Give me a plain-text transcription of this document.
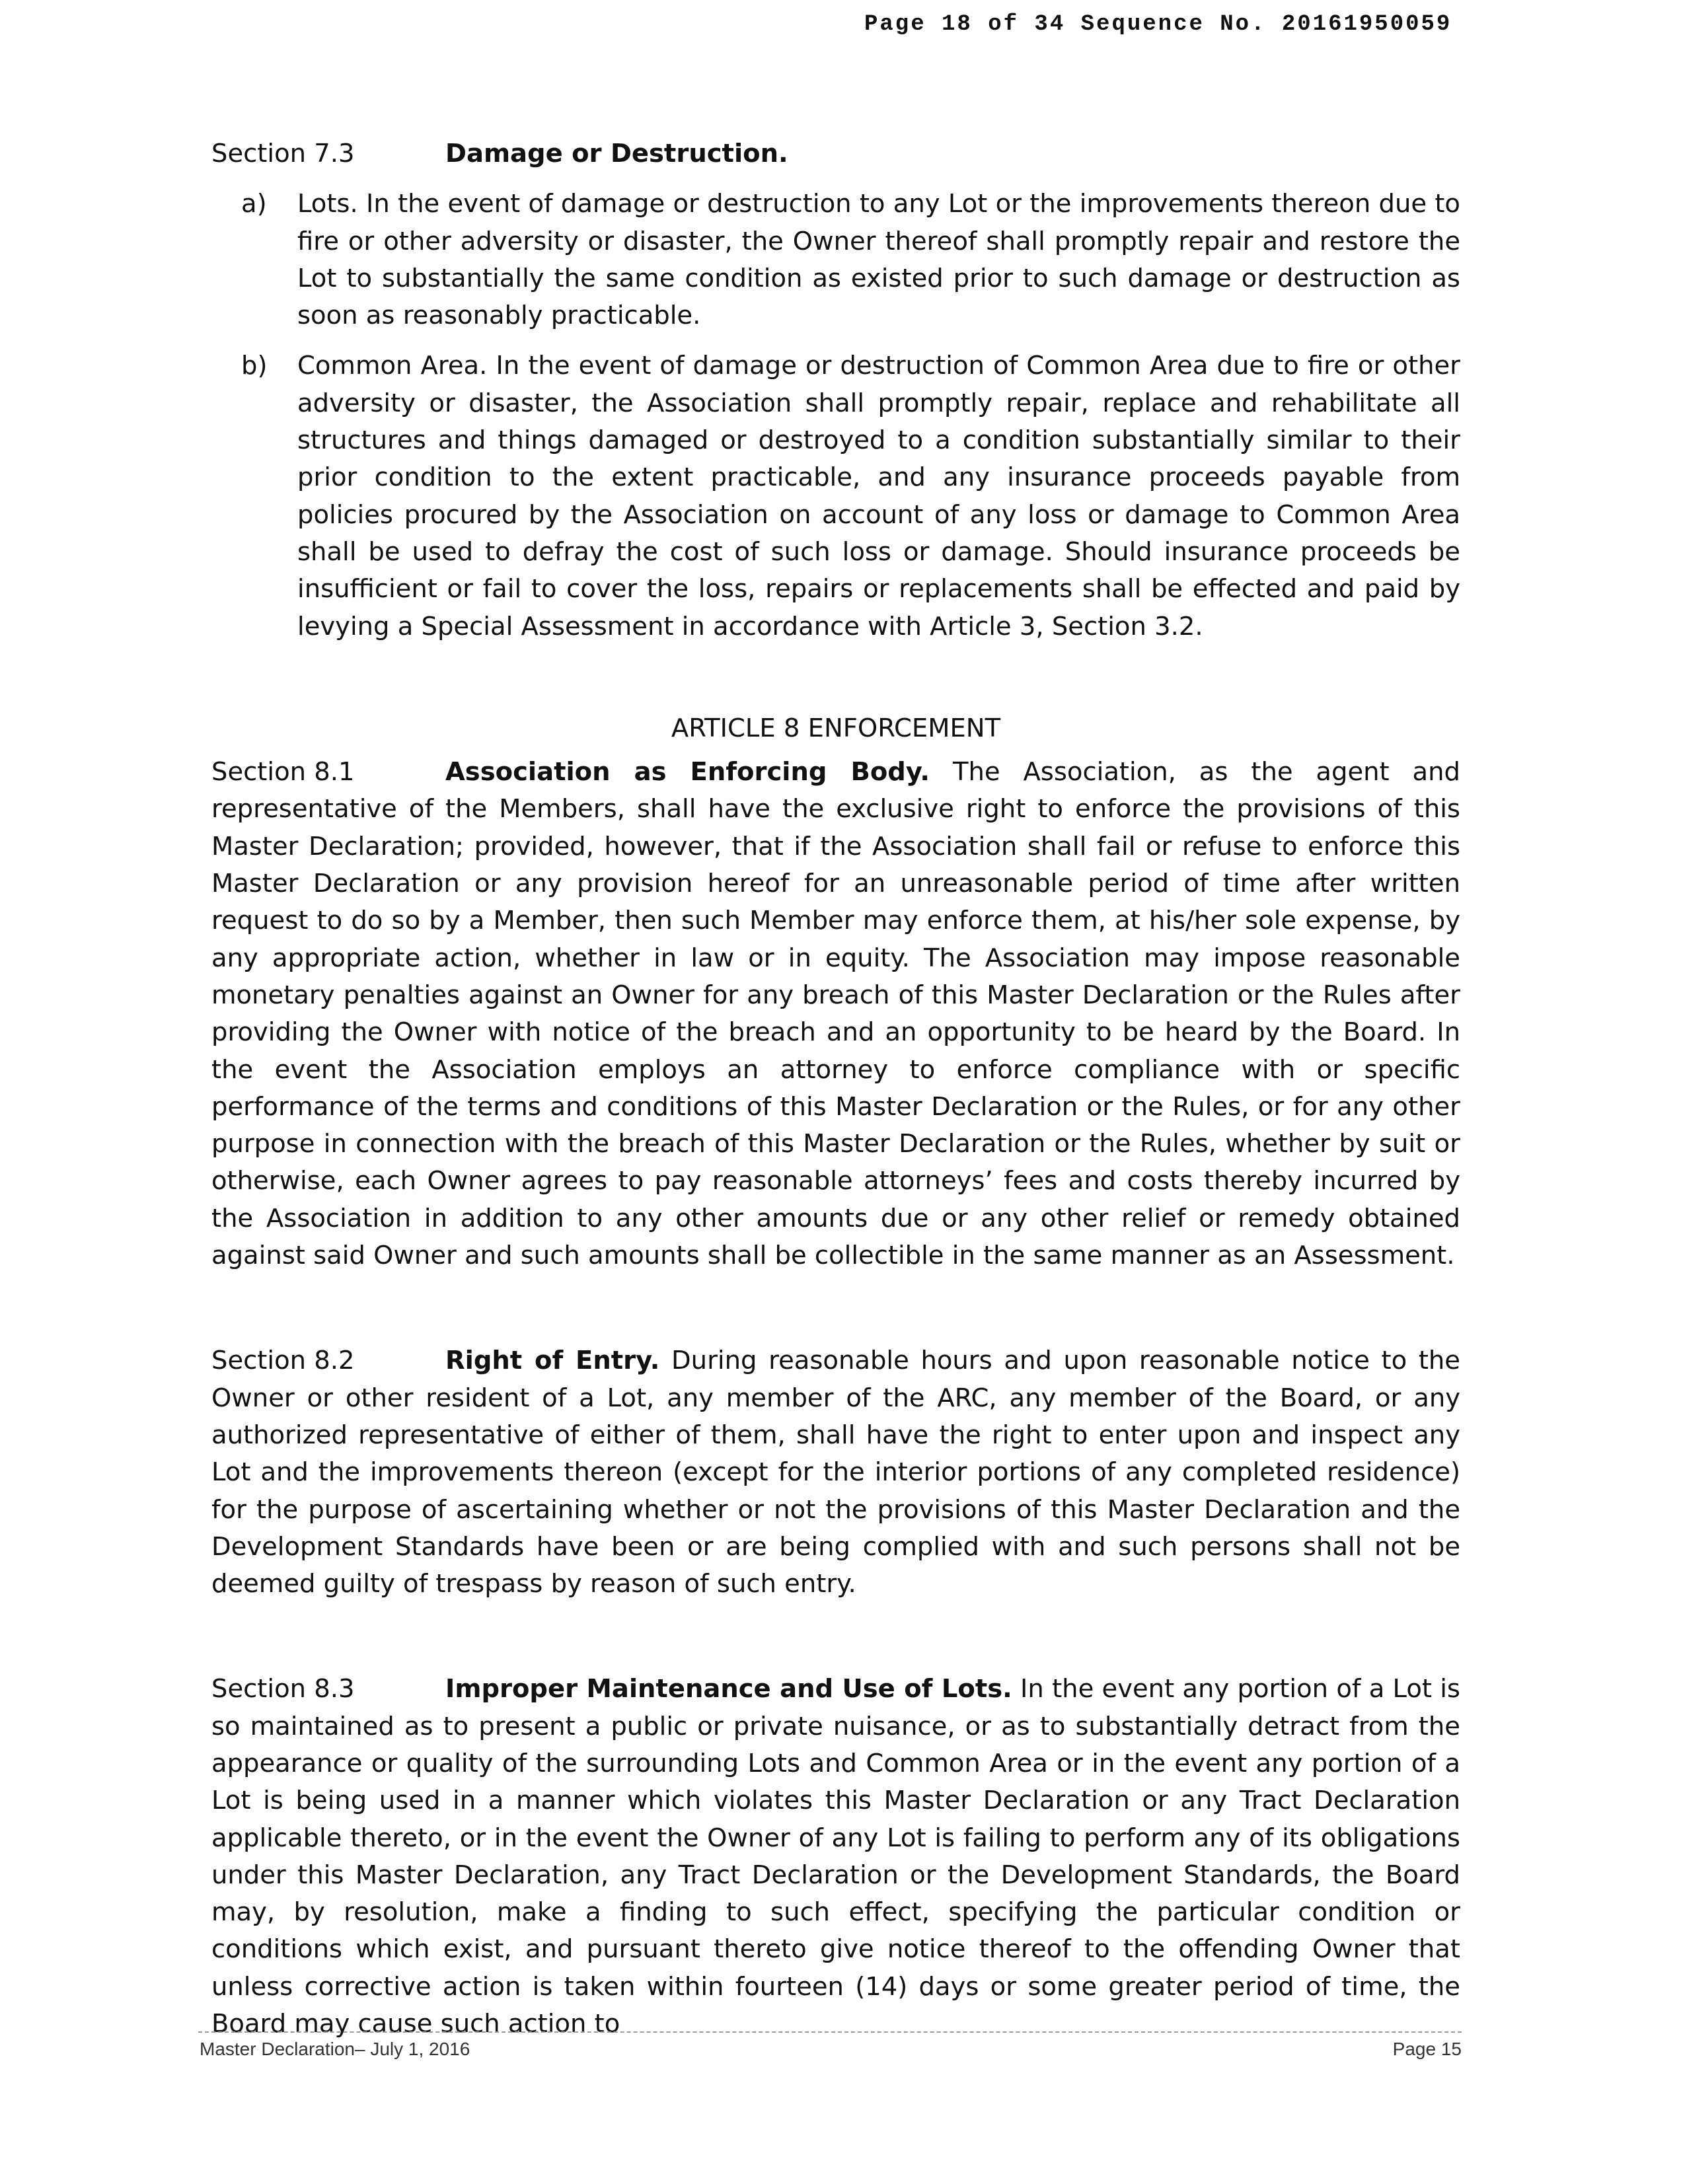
Page 18 of 34 Sequence No. 20161950059
Section 7.3	Damage or Destruction.
a)	Lots. In the event of damage or destruction to any Lot or the improvements thereon due to fire or other adversity or disaster, the Owner thereof shall promptly repair and restore the Lot to substantially the same condition as existed prior to such damage or destruction as soon as reasonably practicable.

b)	Common Area. In the event of damage or destruction of Common Area due to fire or other adversity or disaster, the Association shall promptly repair, replace and rehabilitate all structures and things damaged or destroyed to a condition substantially similar to their prior condition to the extent practicable, and any insurance proceeds payable from policies procured by the Association on account of any loss or damage to Common Area shall be used to defray the cost of such loss or damage. Should insurance proceeds be insufficient or fail to cover the loss, repairs or replacements shall be effected and paid by levying a Special Assessment in accordance with Article 3, Section 3.2.

ARTICLE 8 ENFORCEMENT

Section 8.1	Association as Enforcing Body. The Association, as the agent and representative of the Members, shall have the exclusive right to enforce the provisions of this Master Declaration; provided, however, that if the Association shall fail or refuse to enforce this Master Declaration or any provision hereof for an unreasonable period of time after written request to do so by a Member, then such Member may enforce them, at his/her sole expense, by any appropriate action, whether in law or in equity. The Association may impose reasonable monetary penalties against an Owner for any breach of this Master Declaration or the Rules after providing the Owner with notice of the breach and an opportunity to be heard by the Board. In the event the Association employs an attorney to enforce compliance with or specific performance of the terms and conditions of this Master Declaration or the Rules, or for any other purpose in connection with the breach of this Master Declaration or the Rules, whether by suit or otherwise, each Owner agrees to pay reasonable attorneys’ fees and costs thereby incurred by the Association in addition to any other amounts due or any other relief or remedy obtained against said Owner and such amounts shall be collectible in the same manner as an Assessment.

Section 8.2	Right of Entry. During reasonable hours and upon reasonable notice to the Owner or other resident of a Lot, any member of the ARC, any member of the Board, or any authorized representative of either of them, shall have the right to enter upon and inspect any Lot and the improvements thereon (except for the interior portions of any completed residence) for the purpose of ascertaining whether or not the provisions of this Master Declaration and the Development Standards have been or are being complied with and such persons shall not be deemed guilty of trespass by reason of such entry.

Section 8.3	Improper Maintenance and Use of Lots. In the event any portion of a Lot is so maintained as to present a public or private nuisance, or as to substantially detract from the appearance or quality of the surrounding Lots and Common Area or in the event any portion of a Lot is being used in a manner which violates this Master Declaration or any Tract Declaration applicable thereto, or in the event the Owner of any Lot is failing to perform any of its obligations under this Master Declaration, any Tract Declaration or the Development Standards, the Board may, by resolution, make a finding to such effect, specifying the particular condition or conditions which exist, and pursuant thereto give notice thereof to the offending Owner that unless corrective action is taken within fourteen (14) days or some greater period of time, the Board may cause such action to

Master Declaration– July 1, 2016	Page 15
